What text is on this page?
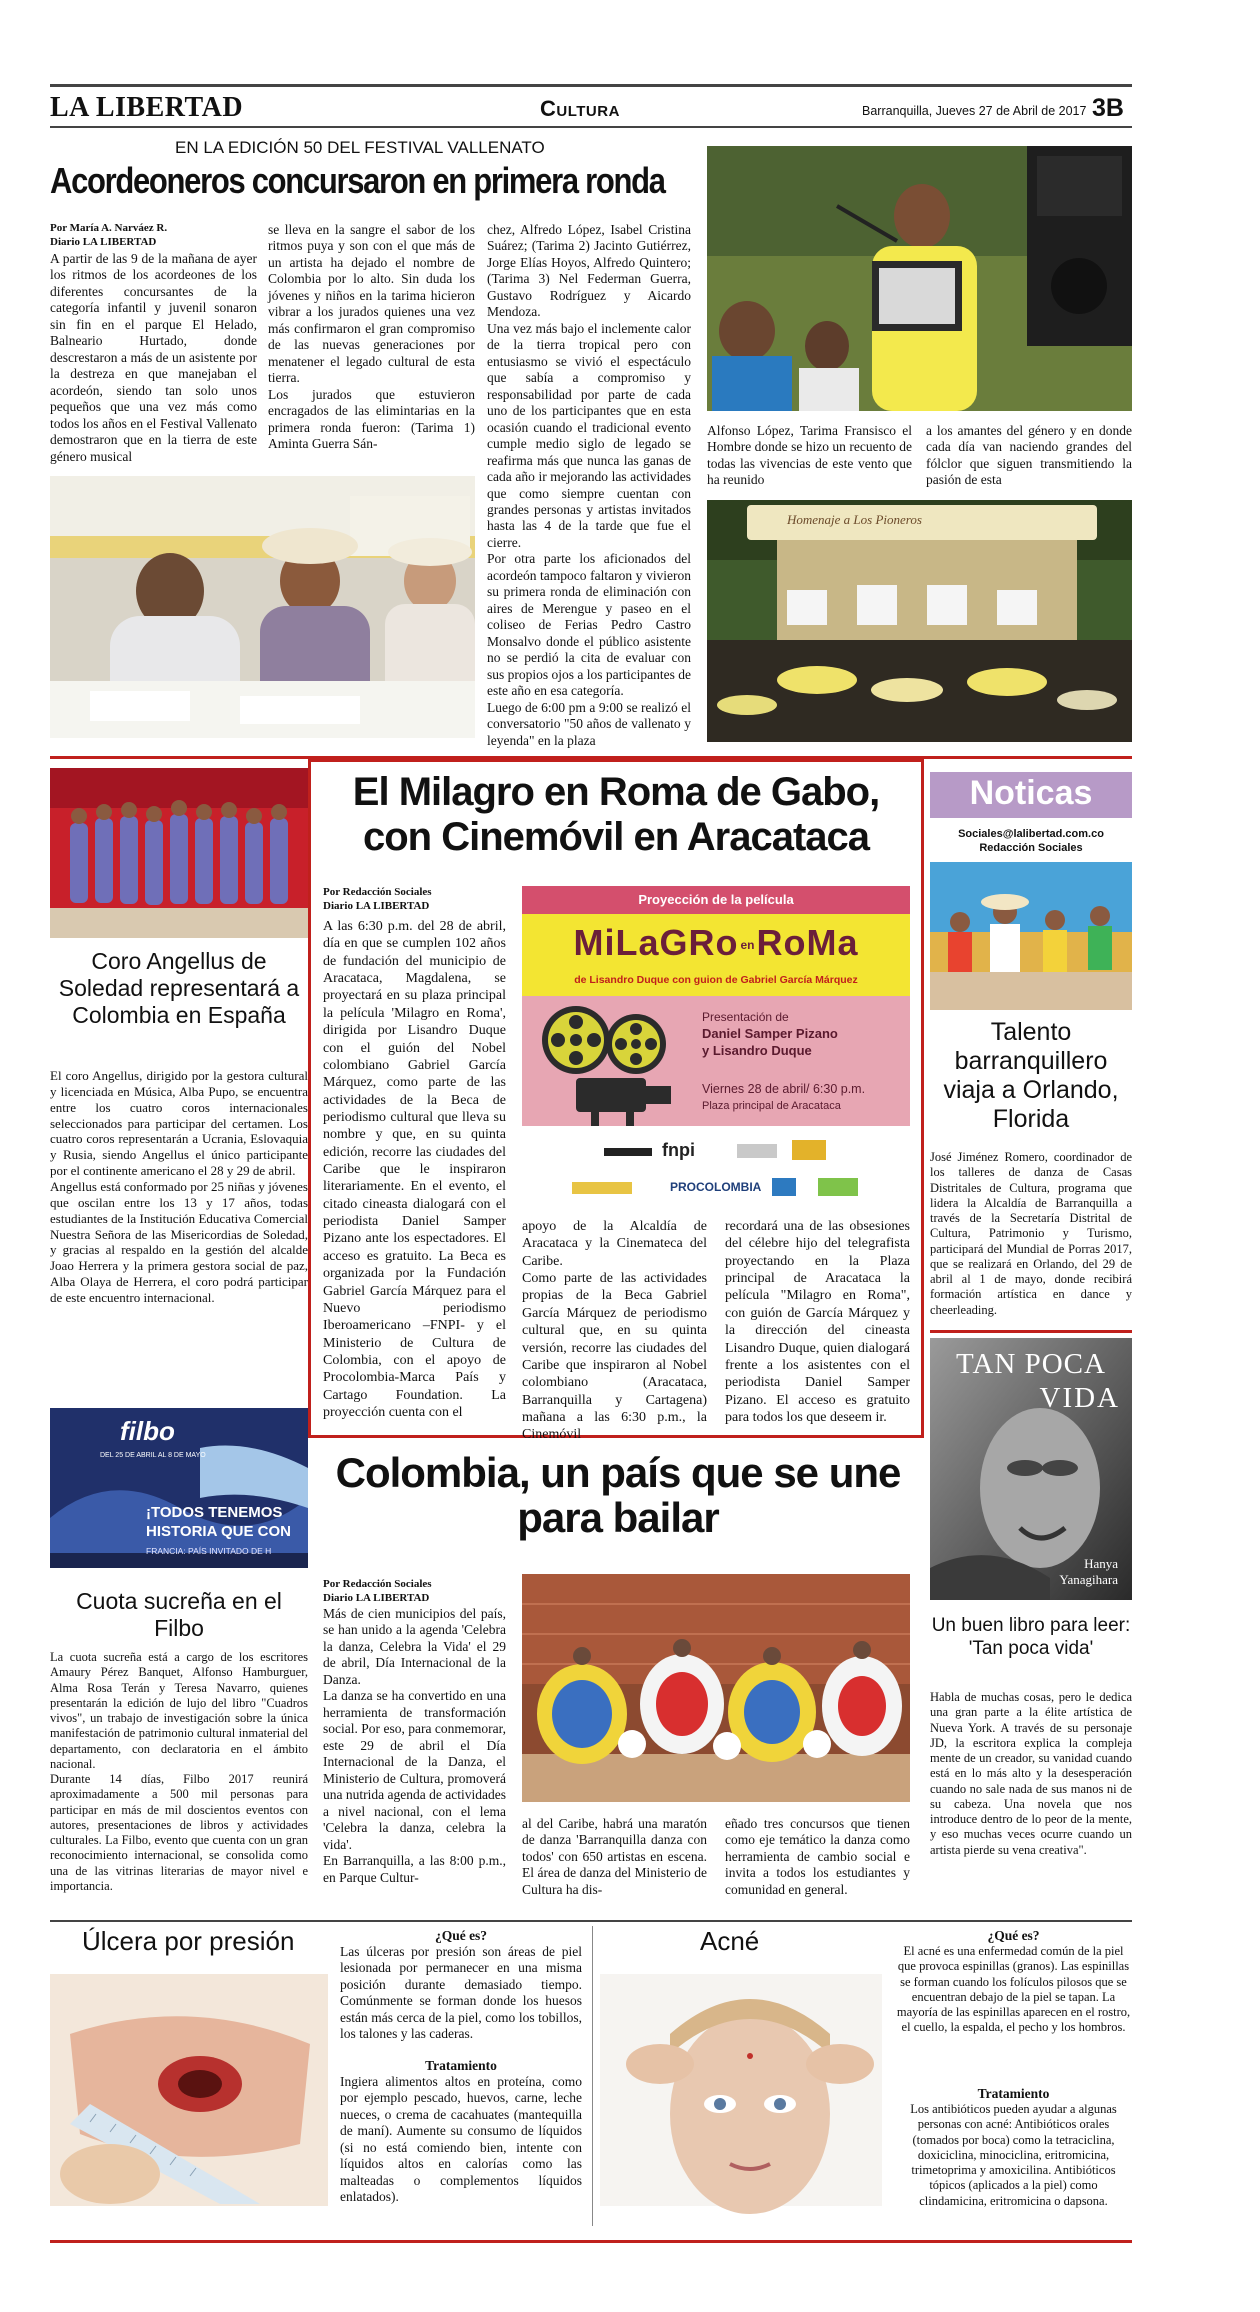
LA LIBERTAD	Cultura	Barranquilla, Jueves 27 de Abril de 2017 3B
EN LA EDICIÓN 50 DEL FESTIVAL VALLENATO
Acordeoneros concursaron en primera ronda
Por María A. Narváez R.
Diario LA LIBERTAD
A partir de las 9 de la mañana de ayer los ritmos de los acordeones de los diferentes concursantes de la categoría infantil y juvenil sonaron sin fin en el parque El Helado, Balneario Hurtado, donde descrestaron a más de un asistente por la destreza en que manejaban el acordeón, siendo tan solo unos pequeños que una vez más como todos los años en el Festival Vallenato demostraron que en la tierra de este género musical
se lleva en la sangre el sabor de los ritmos puya y son con el que más de un artista ha dejado el nombre de Colombia por lo alto. Sin duda los jóvenes y niños en la tarima hicieron vibrar a los jurados quienes una vez más confirmaron el gran compromiso de las nuevas generaciones por menatener el legado cultural de esta tierra.
Los jurados que estuvieron encragados de las elimintarias en la primera ronda fueron: (Tarima 1) Aminta Guerra Sán-
chez, Alfredo López, Isabel Cristina Suárez; (Tarima 2) Jacinto Gutiérrez, Jorge Elías Hoyos, Alfredo Quintero; (Tarima 3) Nel Federman Guerra, Gustavo Rodríguez y Aicardo Mendoza.
Una vez más bajo el inclemente calor de la tierra tropical pero con entusiasmo se vivió el espectáculo que sabía a compromiso y responsabilidad por parte de cada uno de los participantes que en esta ocasión cuando el tradicional evento cumple medio siglo de legado se reafirma más que nunca las ganas de cada año ir mejorando las actividades que como siempre cuentan con grandes personas y artistas invitados hasta las 4 de la tarde que fue el cierre.
Por otra parte los aficionados del acordeón tampoco faltaron y vivieron su primera ronda de eliminación con aires de Merengue y paseo en el coliseo de Ferias Pedro Castro Monsalvo donde el público asistente no se perdió la cita de evaluar con sus propios ojos a los participantes de este año en esa categoría.
Luego de 6:00 pm a 9:00 se realizó el conversatorio "50 años de vallenato y leyenda" en la plaza
Alfonso López, Tarima Fransisco el Hombre donde se hizo un recuento de todas las vivencias de este vento que ha reunido
a los amantes del género y en donde cada día van naciendo grandes del fólclor que siguen transmitiendo la pasión de esta
Homenaje a Los Pioneros
Coro Angellus de Soledad representará a Colombia en España
El coro Angellus, dirigido por la gestora cultural y licenciada en Música, Alba Pupo, se encuentra entre los cuatro coros internacionales seleccionados para participar del certamen. Los cuatro coros representarán a Ucrania, Eslovaquia y Rusia, siendo Angellus el único participante por el continente americano el 28 y 29 de abril.
Angellus está conformado por 25 niñas y jóvenes que oscilan entre los 13 y 17 años, todas estudiantes de la Institución Educativa Comercial Nuestra Señora de las Misericordias de Soledad, y gracias al respaldo en la gestión del alcalde Joao Herrera y la primera gestora social de paz, Alba Olaya de Herrera, el coro podrá participar de este encuentro internacional.
filbo
DEL 25 DE ABRIL AL 8 DE MAYO
¡TODOS TENEMOS
HISTORIA QUE CON
FRANCIA: PAÍS INVITADO DE H
Cuota sucreña en el Filbo
La cuota sucreña está a cargo de los escritores Amaury Pérez Banquet, Alfonso Hamburguer, Alma Rosa Terán y Teresa Navarro, quienes presentarán la edición de lujo del libro "Cuadros vivos", un trabajo de investigación sobre la única manifestación de patrimonio cultural inmaterial del departamento, con declaratoria en el ámbito nacional.
Durante 14 días, Filbo 2017 reunirá aproximadamente a 500 mil personas para participar en más de mil doscientos eventos con autores, presentaciones de libros y actividades culturales. La Filbo, evento que cuenta con un gran reconocimiento internacional, se consolida como una de las vitrinas literarias de mayor nivel e importancia.
El Milagro en Roma de Gabo, con Cinemóvil en Aracataca
Por Redacción Sociales
Diario LA LIBERTAD
A las 6:30 p.m. del 28 de abril, día en que se cumplen 102 años de fundación del municipio de Aracataca, Magdalena, se proyectará en su plaza principal la película 'Milagro en Roma', dirigida por Lisandro Duque con el guión del Nobel colombiano Gabriel García Márquez, como parte de las actividades de la Beca de periodismo cultural que lleva su nombre y que, en su quinta edición, recorre las ciudades del Caribe que le inspiraron literariamente. En el evento, el citado cineasta dialogará con el periodista Daniel Samper Pizano ante los espectadores. El acceso es gratuito. La Beca es organizada por la Fundación Gabriel García Márquez para el Nuevo periodismo Iberoamericano –FNPI- y el Ministerio de Cultura de Colombia, con el apoyo de Procolombia-Marca País y Cartago Foundation. La proyección cuenta con el
apoyo de la Alcaldía de Aracataca y la Cinemateca del Caribe.
Como parte de las actividades propias de la Beca Gabriel García Márquez de periodismo cultural que, en su quinta versión, recorre las ciudades del Caribe que inspiraron al Nobel colombiano (Aracataca, Barranquilla y Cartagena) mañana a las 6:30 p.m., la Cinemóvil
recordará una de las obsesiones del célebre hijo del telegrafista proyectando en la Plaza principal de Aracataca la película "Milagro en Roma", con guión de García Márquez y la dirección del cineasta Lisandro Duque, quien dialogará frente a los asistentes con el periodista Daniel Samper Pizano. El acceso es gratuito para todos los que deseem ir.
Proyección de la película
MiLaGRo $^{en}$RoMa
de Lisandro Duque con guion de Gabriel García Márquez
Presentación de
Daniel Samper Pizano
y Lisandro Duque
Viernes 28 de abril/ 6:30 p.m.
Plaza principal de Aracataca
fnpi
PROCOLOMBIA
Noticas
Sociales@lalibertad.com.co
Redacción Sociales
Talento barranquillero viaja a Orlando, Florida
José Jiménez Romero, coordinador de los talleres de danza de Casas Distritales de Cultura, programa que lidera la Alcaldía de Barranquilla a través de la Secretaría Distrital de Cultura, Patrimonio y Turismo, participará del Mundial de Porras 2017, que se realizará en Orlando, del 29 de abril al 1 de mayo, donde recibirá formación artística en dance y cheerleading.
TAN POCA
VIDA
Hanya
Yanagihara
Un buen libro para leer: 'Tan poca vida'
Habla de muchas cosas, pero le dedica una gran parte a la élite artística de Nueva York. A través de su personaje JD, la escritora explica la compleja mente de un creador, su vanidad cuando está en lo más alto y la desesperación cuando no sale nada de sus manos ni de su cabeza. Una novela que nos introduce dentro de lo peor de la mente, y eso muchas veces ocurre cuando un artista pierde su vena creativa".
Colombia, un país que se une para bailar
Por Redacción Sociales
Diario LA LIBERTAD
Más de cien municipios del país, se han unido a la agenda 'Celebra la danza, Celebra la Vida' el 29 de abril, Día Internacional de la Danza.
La danza se ha convertido en una herramienta de transformación social. Por eso, para conmemorar, este 29 de abril el Día Internacional de la Danza, el Ministerio de Cultura, promoverá una nutrida agenda de actividades a nivel nacional, con el lema 'Celebra la danza, celebra la vida'.
En Barranquilla, a las 8:00 p.m., en Parque Cultur-
al del Caribe, habrá una maratón de danza 'Barranquilla danza con todos' con 650 artistas en escena. El área de danza del Ministerio de Cultura ha dis-
eñado tres concursos que tienen como eje temático la danza como herramienta de cambio social e invita a todos los estudiantes y comunidad en general.
Úlcera por presión	¿Qué es?
Las úlceras por presión son áreas de piel lesionada por permanecer en una misma posición durante demasiado tiempo. Comúnmente se forman donde los huesos están más cerca de la piel, como los tobillos, los talones y las caderas.
Tratamiento
Ingiera alimentos altos en proteína, como por ejemplo pescado, huevos, carne, leche nueces, o crema de cacahuates (mantequilla de maní). Aumente su consumo de líquidos (si no está comiendo bien, intente con líquidos altos en calorías como las malteadas o complementos líquidos enlatados).
Acné	¿Qué es?
El acné es una enfermedad común de la piel que provoca espinillas (granos). Las espinillas se forman cuando los folículos pilosos que se encuentran debajo de la piel se tapan. La mayoría de las espinillas aparecen en el rostro, el cuello, la espalda, el pecho y los hombros.
Tratamiento
Los antibióticos pueden ayudar a algunas personas con acné: Antibióticos orales (tomados por boca) como la tetraciclina, doxiciclina, minociclina, eritromicina, trimetoprima y amoxicilina. Antibióticos tópicos (aplicados a la piel) como clindamicina, eritromicina o dapsona.
